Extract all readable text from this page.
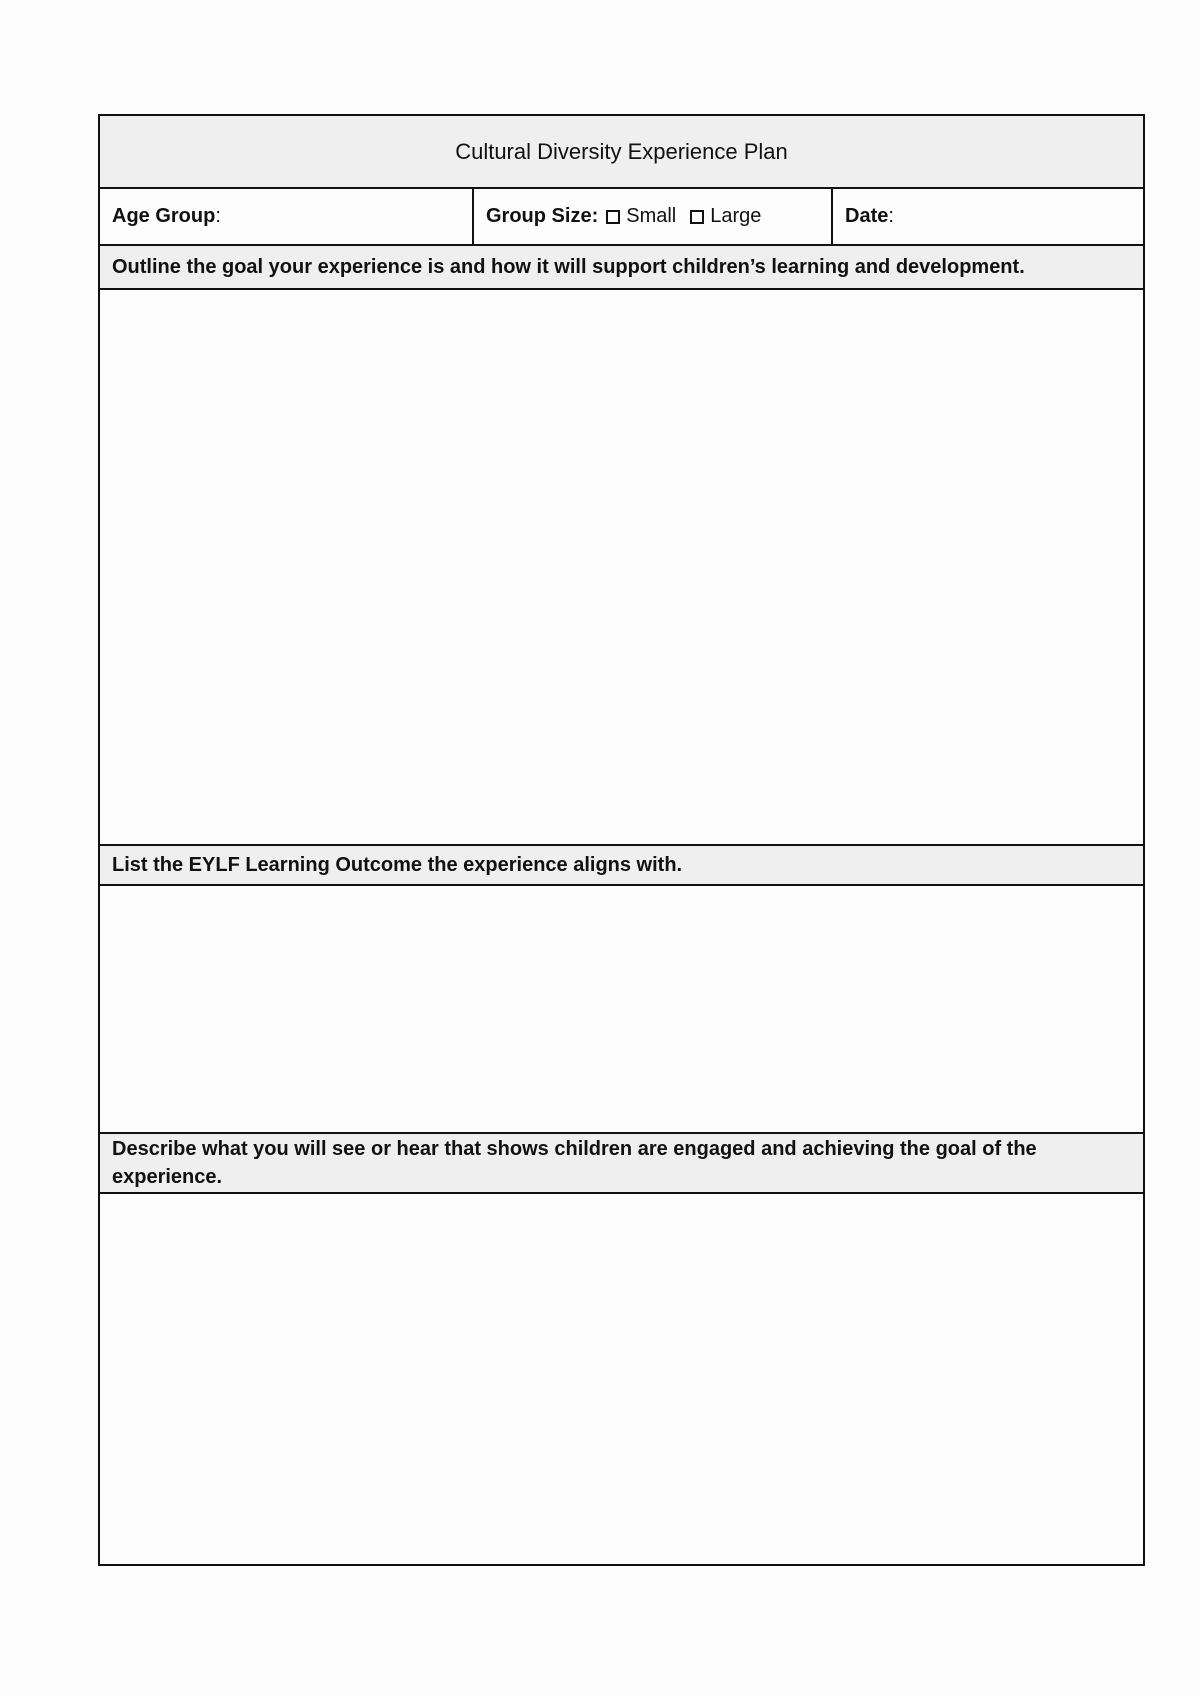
Cultural Diversity Experience Plan
Age Group :	Group Size: Small Large	Date :
Outline the goal your experience is and how it will support children’s learning and development.
List the EYLF Learning Outcome the experience aligns with.
Describe what you will see or hear that shows children are engaged and achieving the goal of the experience.
